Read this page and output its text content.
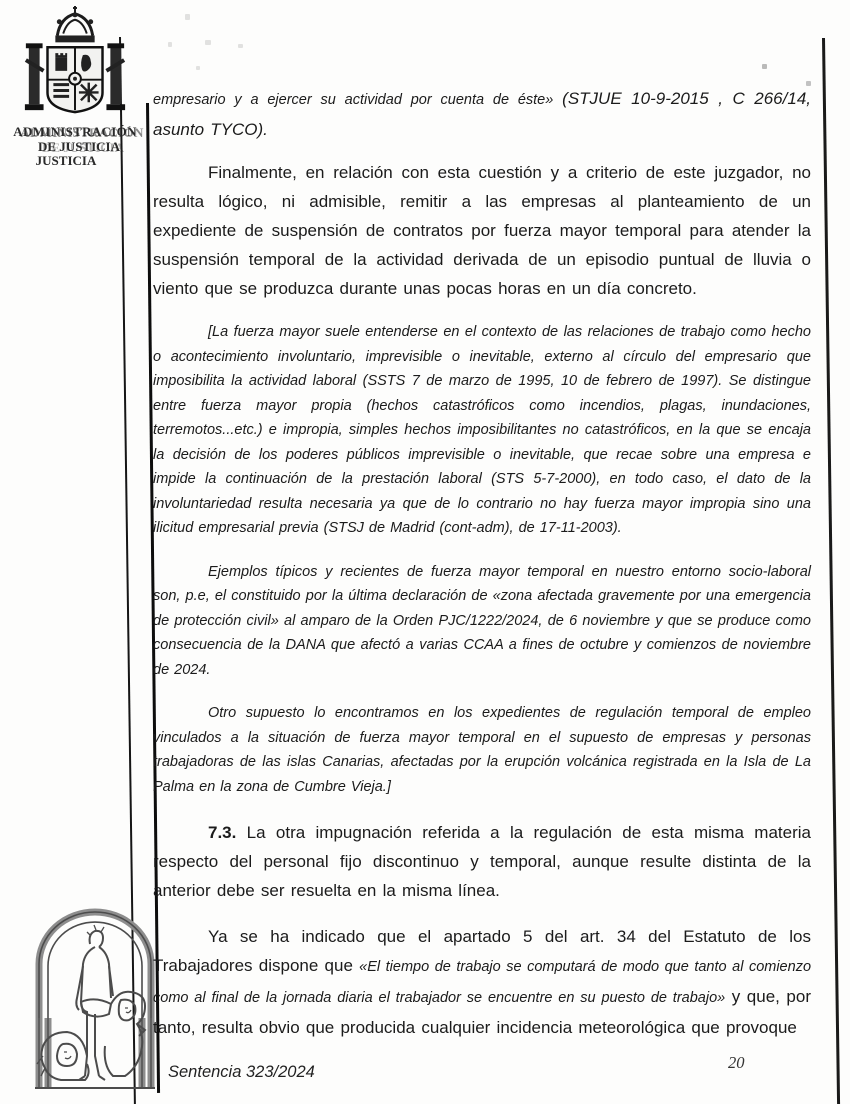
ADMINISTRACIÓN
DE JUSTICIA
JUSTICIA

empresario y a ejercer su actividad por cuenta de éste» (STJUE 10-9-2015 , C 266/14, asunto TYCO).

Finalmente, en relación con esta cuestión y a criterio de este juzgador, no resulta lógico, ni admisible, remitir a las empresas al planteamiento de un expediente de suspensión de contratos por fuerza mayor temporal para atender la suspensión temporal de la actividad derivada de un episodio puntual de lluvia o viento que se produzca durante unas pocas horas en un día concreto.

[La fuerza mayor suele entenderse en el contexto de las relaciones de trabajo como hecho o acontecimiento involuntario, imprevisible o inevitable, externo al círculo del empresario que imposibilita la actividad laboral (SSTS 7 de marzo de 1995, 10 de febrero de 1997). Se distingue entre fuerza mayor propia (hechos catastróficos como incendios, plagas, inundaciones, terremotos...etc.) e impropia, simples hechos imposibilitantes no catastróficos, en la que se encaja la decisión de los poderes públicos imprevisible o inevitable, que recae sobre una empresa e impide la continuación de la prestación laboral (STS 5-7-2000), en todo caso, el dato de la involuntariedad resulta necesaria ya que de lo contrario no hay fuerza mayor impropia sino una ilicitud empresarial previa (STSJ de Madrid (cont-adm), de 17-11-2003).

Ejemplos típicos y recientes de fuerza mayor temporal en nuestro entorno socio-laboral son, p.e, el constituido por la última declaración de «zona afectada gravemente por una emergencia de protección civil» al amparo de la Orden PJC/1222/2024, de 6 noviembre y que se produce como consecuencia de la DANA que afectó a varias CCAA a fines de octubre y comienzos de noviembre de 2024.

Otro supuesto lo encontramos en los expedientes de regulación temporal de empleo vinculados a la situación de fuerza mayor temporal en el supuesto de empresas y personas trabajadoras de las islas Canarias, afectadas por la erupción volcánica registrada en la Isla de La Palma en la zona de Cumbre Vieja.]

7.3. La otra impugnación referida a la regulación de esta misma materia respecto del personal fijo discontinuo y temporal, aunque resulte distinta de la anterior debe ser resuelta en la misma línea.

Ya se ha indicado que el apartado 5 del art. 34 del Estatuto de los Trabajadores dispone que «El tiempo de trabajo se computará de modo que tanto al comienzo como al final de la jornada diaria el trabajador se encuentre en su puesto de trabajo» y que, por tanto, resulta obvio que producida cualquier incidencia meteorológica que provoque

Sentencia 323/2024	20
